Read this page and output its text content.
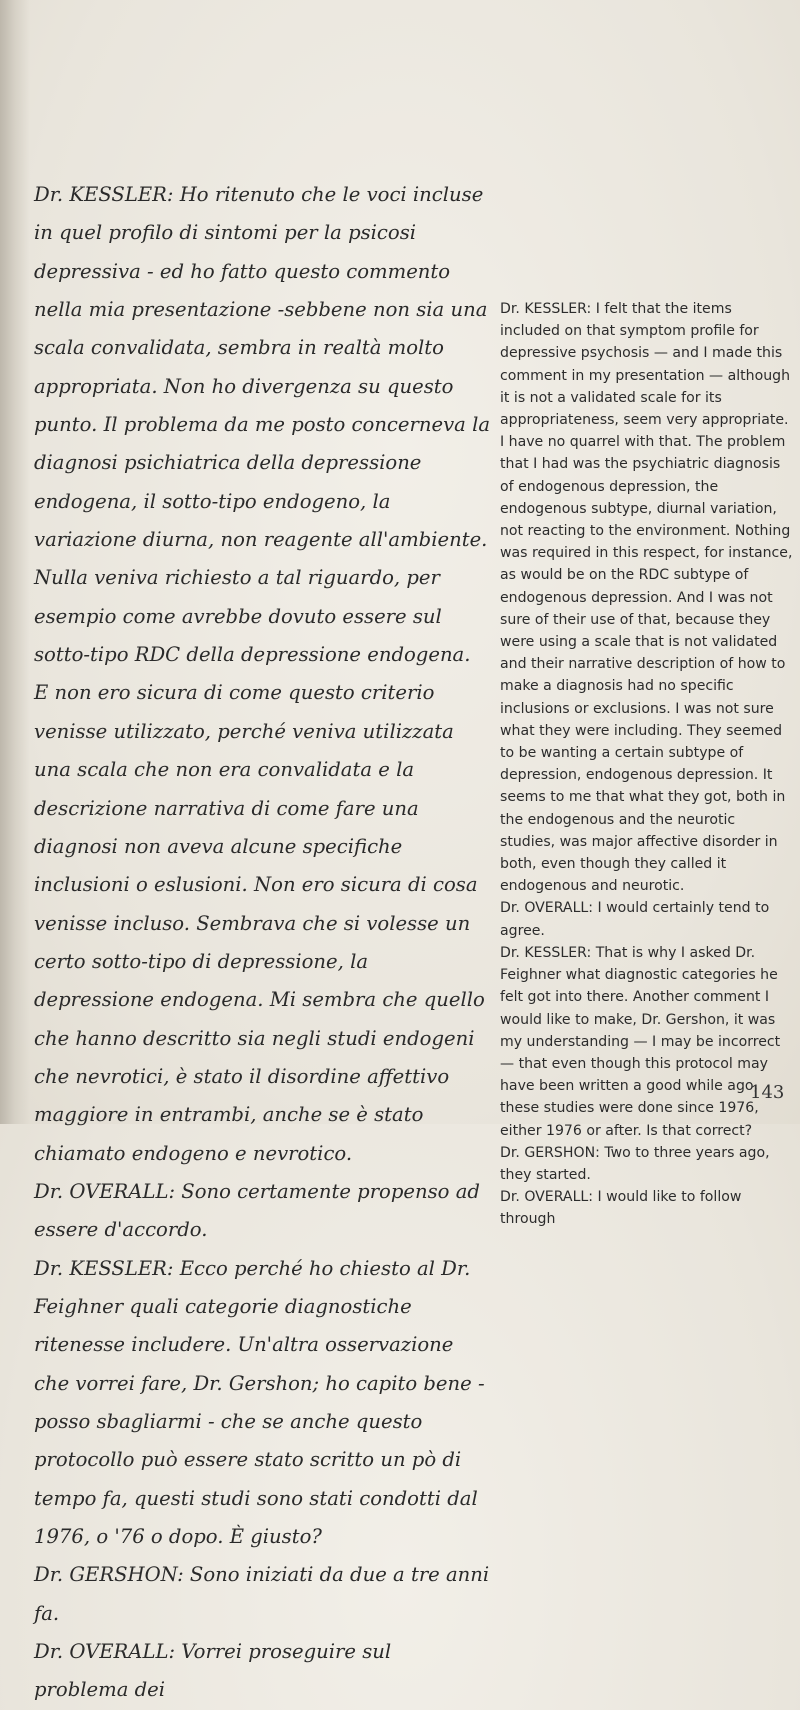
Dr. KESSLER: Ho ritenuto che le voci incluse in quel profilo di sintomi per la psicosi depressiva - ed ho fatto questo commento nella mia presentazione -sebbene non sia una scala convalidata, sembra in realtà molto appropriata. Non ho divergenza su questo punto. Il problema da me posto concerneva la diagnosi psichiatrica della depressione endogena, il sotto-tipo endogeno, la variazione diurna, non reagente all'ambiente. Nulla veniva richiesto a tal riguardo, per esempio come avrebbe dovuto essere sul sotto-tipo RDC della depressione endogena. E non ero sicura di come questo criterio venisse utilizzato, perché veniva utilizzata una scala che non era convalidata e la descrizione narrativa di come fare una diagnosi non aveva alcune specifiche inclusioni o eslusioni. Non ero sicura di cosa venisse incluso. Sembrava che si volesse un certo sotto-tipo di depressione, la depressione endogena. Mi sembra che quello che hanno descritto sia negli studi endogeni che nevrotici, è stato il disordine affettivo maggiore in entrambi, anche se è stato chiamato endogeno e nevrotico.

Dr. OVERALL: Sono certamente propenso ad essere d'accordo.

Dr. KESSLER: Ecco perché ho chiesto al Dr. Feighner quali categorie diagnostiche ritenesse includere. Un'altra osservazione che vorrei fare, Dr. Gershon; ho capito bene - posso sbagliarmi - che se anche questo protocollo può essere stato scritto un pò di tempo fa, questi studi sono stati condotti dal 1976, o '76 o dopo. È giusto?

Dr. GERSHON: Sono iniziati da due a tre anni fa.

Dr. OVERALL: Vorrei proseguire sul problema dei

Dr. KESSLER: I felt that the items included on that symptom profile for depressive psychosis — and I made this comment in my presentation — although it is not a validated scale for its appropriateness, seem very appropriate. I have no quarrel with that. The problem that I had was the psychiatric diagnosis of endogenous depression, the endogenous subtype, diurnal variation, not reacting to the environment. Nothing was required in this respect, for instance, as would be on the RDC subtype of endogenous depression. And I was not sure of their use of that, because they were using a scale that is not validated and their narrative description of how to make a diagnosis had no specific inclusions or exclusions. I was not sure what they were including. They seemed to be wanting a certain subtype of depression, endogenous depression. It seems to me that what they got, both in the endogenous and the neurotic studies, was major affective disorder in both, even though they called it endogenous and neurotic.

Dr. OVERALL: I would certainly tend to agree.

Dr. KESSLER: That is why I asked Dr. Feighner what diagnostic categories he felt got into there. Another comment I would like to make, Dr. Gershon, it was my understanding — I may be incorrect — that even though this protocol may have been written a good while ago, these studies were done since 1976, either 1976 or after. Is that correct?

Dr. GERSHON: Two to three years ago, they started.

Dr. OVERALL: I would like to follow through

143
